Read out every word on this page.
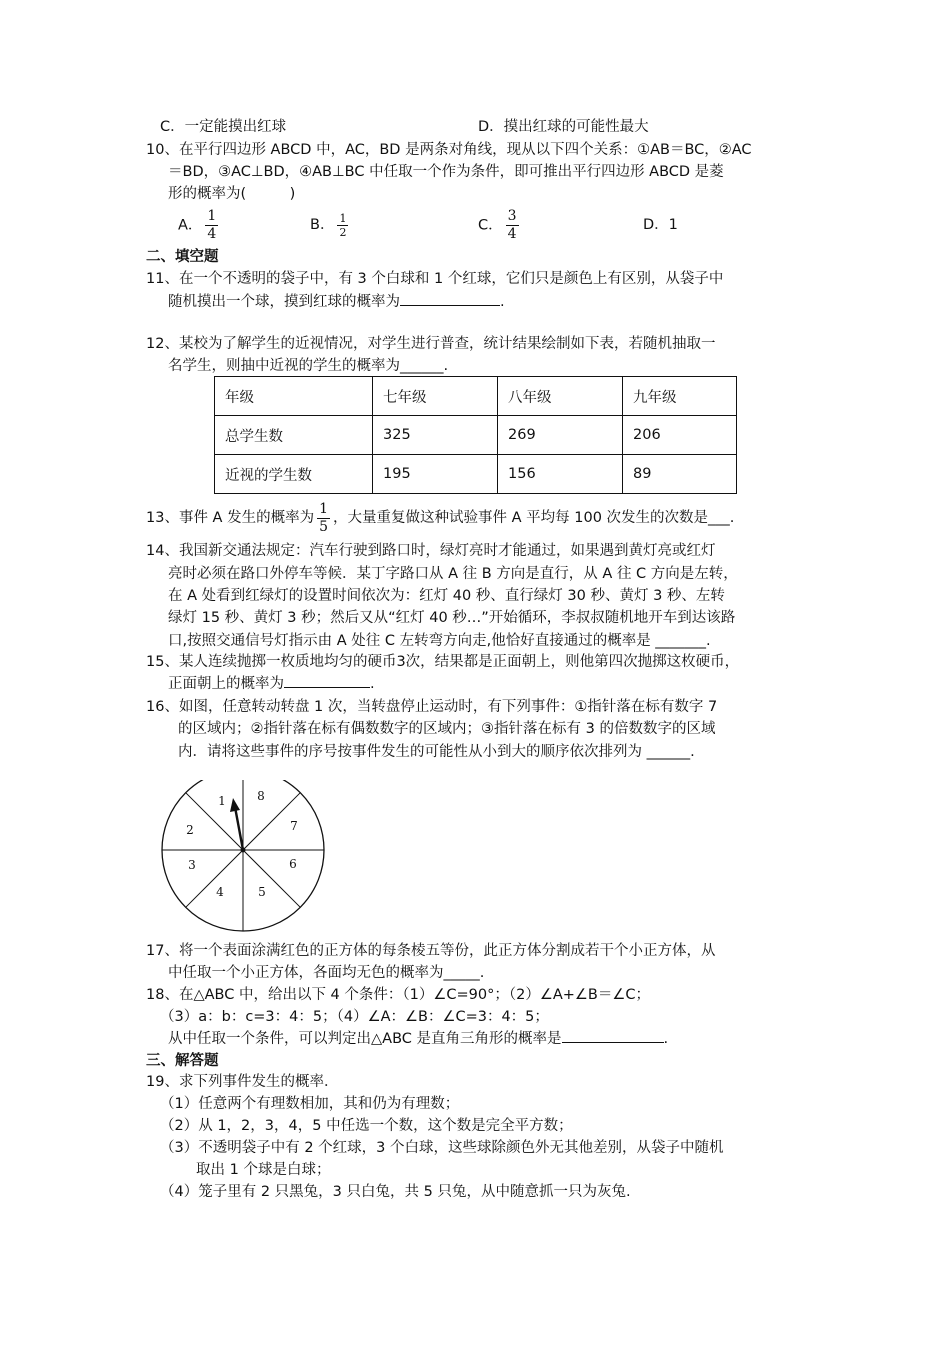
C．一定能摸出红球	D．摸出红球的可能性最大
10、在平行四边形 ABCD 中，AC，BD 是两条对角线，现从以下四个关系：①AB＝BC，②AC
＝BD，③AC⊥BD，④AB⊥BC 中任取一个作为条件，即可推出平行四边形 ABCD 是菱
形的概率为(　　　)
A． $\frac{1}{4}$	B． $\frac{1}{2}$	C． $\frac{3}{4}$	D．1
二、填空题
11、在一个不透明的袋子中，有 3 个白球和 1 个红球，它们只是颜色上有区别，从袋子中
随机摸出一个球，摸到红球的概率为	.
12、某校为了解学生的近视情况，对学生进行普查，统计结果绘制如下表，若随机抽取一
名学生，则抽中近视的学生的概率为______.
年级	七年级	八年级	九年级
总学生数	325	269	206
近视的学生数	195	156	89
13、事件 A 发生的概率为 $\frac{1}{5}$ ，大量重复做这种试验事件 A 平均每 100 次发生的次数是___.
14、我国新交通法规定：汽车行驶到路口时，绿灯亮时才能通过，如果遇到黄灯亮或红灯
亮时必须在路口外停车等候．某丁字路口从 A 往 B 方向是直行，从 A 往 C 方向是左转，
在 A 处看到红绿灯的设置时间依次为：红灯 40 秒、直行绿灯 30 秒、黄灯 3 秒、左转
绿灯 15 秒、黄灯 3 秒；然后又从“红灯 40 秒…”开始循环，李叔叔随机地开车到达该路
口,按照交通信号灯指示由 A 处往 C 左转弯方向走,他恰好直接通过的概率是 _______.
15、某人连续抛掷一枚质地均匀的硬币3次，结果都是正面朝上，则他第四次抛掷这枚硬币，
正面朝上的概率为	.
16、如图，任意转动转盘 1 次，当转盘停止运动时，有下列事件：①指针落在标有数字 7
的区域内；②指针落在标有偶数数字的区域内；③指针落在标有 3 的倍数数字的区域
内．请将这些事件的序号按事件发生的可能性从小到大的顺序依次排列为 ______.
1
2
3
4	5
6
7
8
17、将一个表面涂满红色的正方体的每条棱五等份，此正方体分割成若干个小正方体，从
中任取一个小正方体，各面均无色的概率为_____.
18、在△ABC 中，给出以下 4 个条件：（1）∠C=90°；（2）∠A+∠B＝∠C；
（3）a：b：c=3：4：5；（4）∠A：∠B：∠C=3：4：5；
从中任取一个条件，可以判定出△ABC 是直角三角形的概率是	.
三、解答题
19、求下列事件发生的概率．
（1）任意两个有理数相加，其和仍为有理数；
（2）从 1，2，3，4，5 中任选一个数，这个数是完全平方数；
（3）不透明袋子中有 2 个红球，3 个白球，这些球除颜色外无其他差别，从袋子中随机
取出 1 个球是白球；
（4）笼子里有 2 只黑兔，3 只白兔，共 5 只兔，从中随意抓一只为灰兔.
